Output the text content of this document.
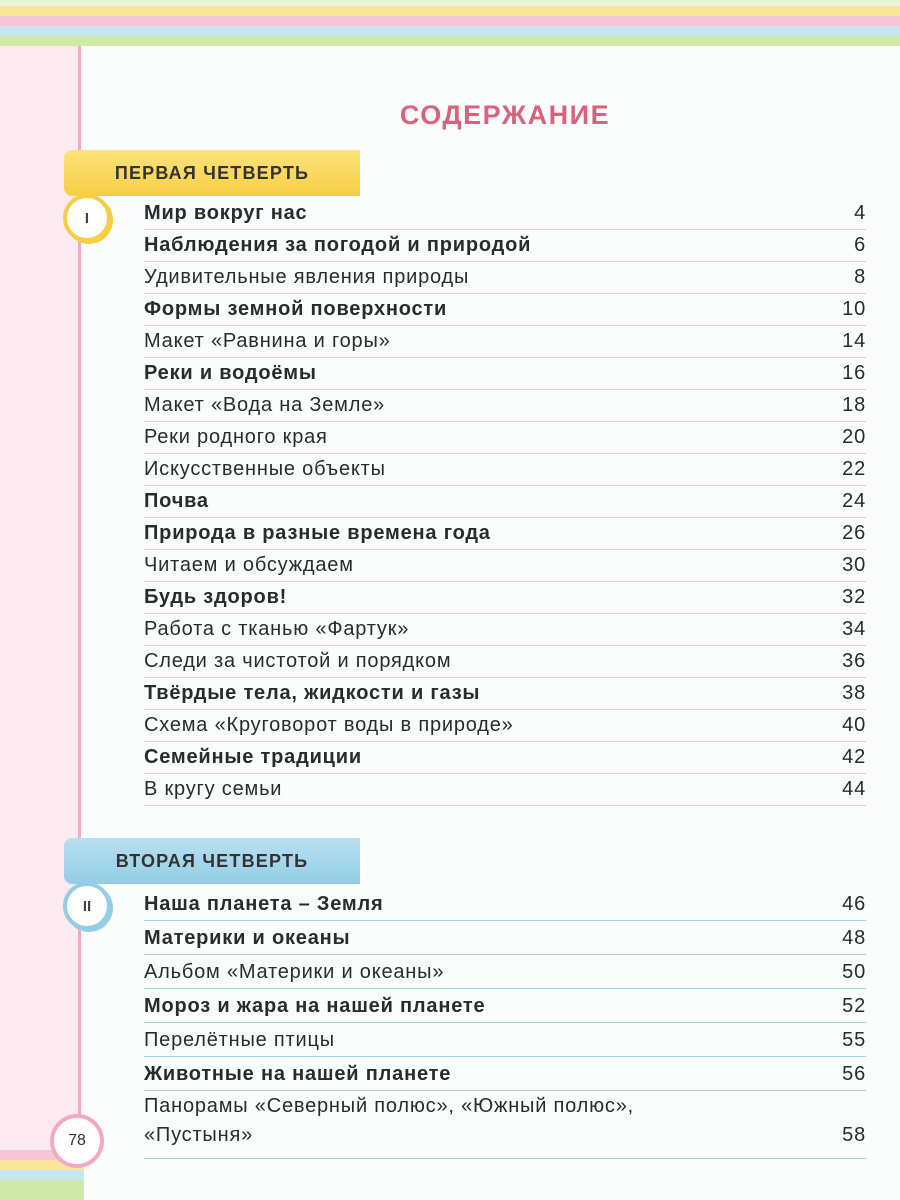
СОДЕРЖАНИЕ
ПЕРВАЯ ЧЕТВЕРТЬ
I	Мир вокруг нас	4
Наблюдения за погодой и природой	6
Удивительные явления природы	8
Формы земной поверхности	10
Макет «Равнина и горы»	14
Реки и водоёмы	16
Макет «Вода на Земле»	18
Реки родного края	20
Искусственные объекты	22
Почва	24
Природа в разные времена года	26
Читаем и обсуждаем	30
Будь здоров!	32
Работа с тканью «Фартук»	34
Следи за чистотой и порядком	36
Твёрдые тела, жидкости и газы	38
Схема «Круговорот воды в природе»	40
Семейные традиции	42
В кругу семьи	44
ВТОРАЯ ЧЕТВЕРТЬ
II	Наша планета – Земля	46
Материки и океаны	48
Альбом «Материки и океаны»	50
Мороз и жара на нашей планете	52
Перелётные птицы	55
Животные на нашей планете	56
Панорамы «Северный полюс», «Южный полюс»,
«Пустыня»	58
78
